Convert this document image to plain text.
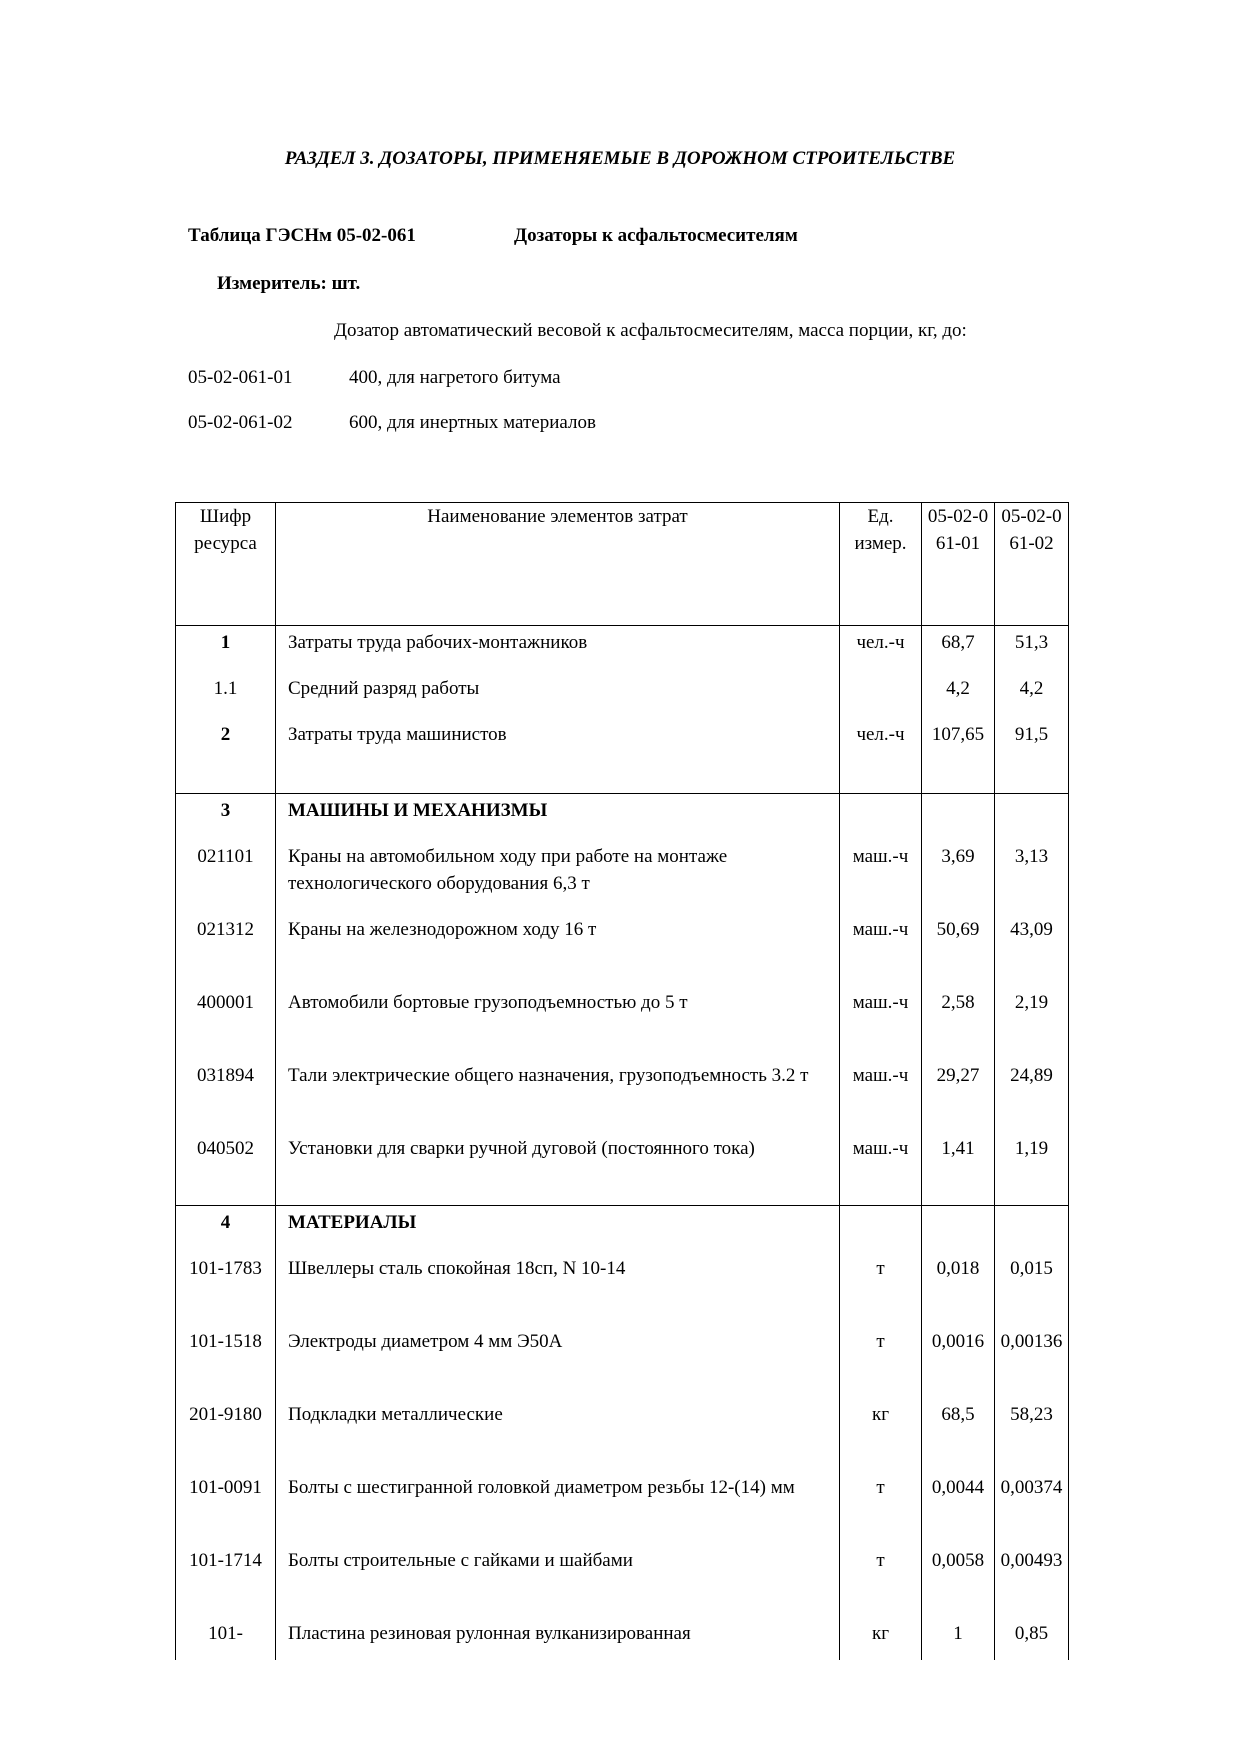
РАЗДЕЛ 3. ДОЗАТОРЫ, ПРИМЕНЯЕМЫЕ В ДОРОЖНОМ СТРОИТЕЛЬСТВЕ
Таблица ГЭСНм 05-02-061	Дозаторы к асфальтосмесителям
Измеритель: шт.
Дозатор автоматический весовой к асфальтосмесителям, масса порции, кг, до:
05-02-061-01	400, для нагретого битума
05-02-061-02	600, для инертных материалов
Шифр ресурса	Наименование элементов затрат	Ед. измер.	05-02-061-01	05-02-061-02
1	Затраты труда рабочих-монтажников	чел.-ч	68,7	51,3
1.1	Средний разряд работы		4,2	4,2
2	Затраты труда машинистов	чел.-ч	107,65	91,5
3	МАШИНЫ И МЕХАНИЗМЫ			
021101	Краны на автомобильном ходу при работе на монтаже технологического оборудования 6,3 т	маш.-ч	3,69	3,13
021312	Краны на железнодорожном ходу 16 т	маш.-ч	50,69	43,09
400001	Автомобили бортовые грузоподъемностью до 5 т	маш.-ч	2,58	2,19
031894	Тали электрические общего назначения, грузоподъемность 3.2 т	маш.-ч	29,27	24,89
040502	Установки для сварки ручной дуговой (постоянного тока)	маш.-ч	1,41	1,19
4	МАТЕРИАЛЫ			
101-1783	Швеллеры сталь спокойная 18сп, N 10-14	т	0,018	0,015
101-1518	Электроды диаметром 4 мм Э50А	т	0,0016	0,00136
201-9180	Подкладки металлические	кг	68,5	58,23
101-0091	Болты с шестигранной головкой диаметром резьбы 12-(14) мм	т	0,0044	0,00374
101-1714	Болты строительные с гайками и шайбами	т	0,0058	0,00493
101-	Пластина резиновая рулонная вулканизированная	кг	1	0,85
